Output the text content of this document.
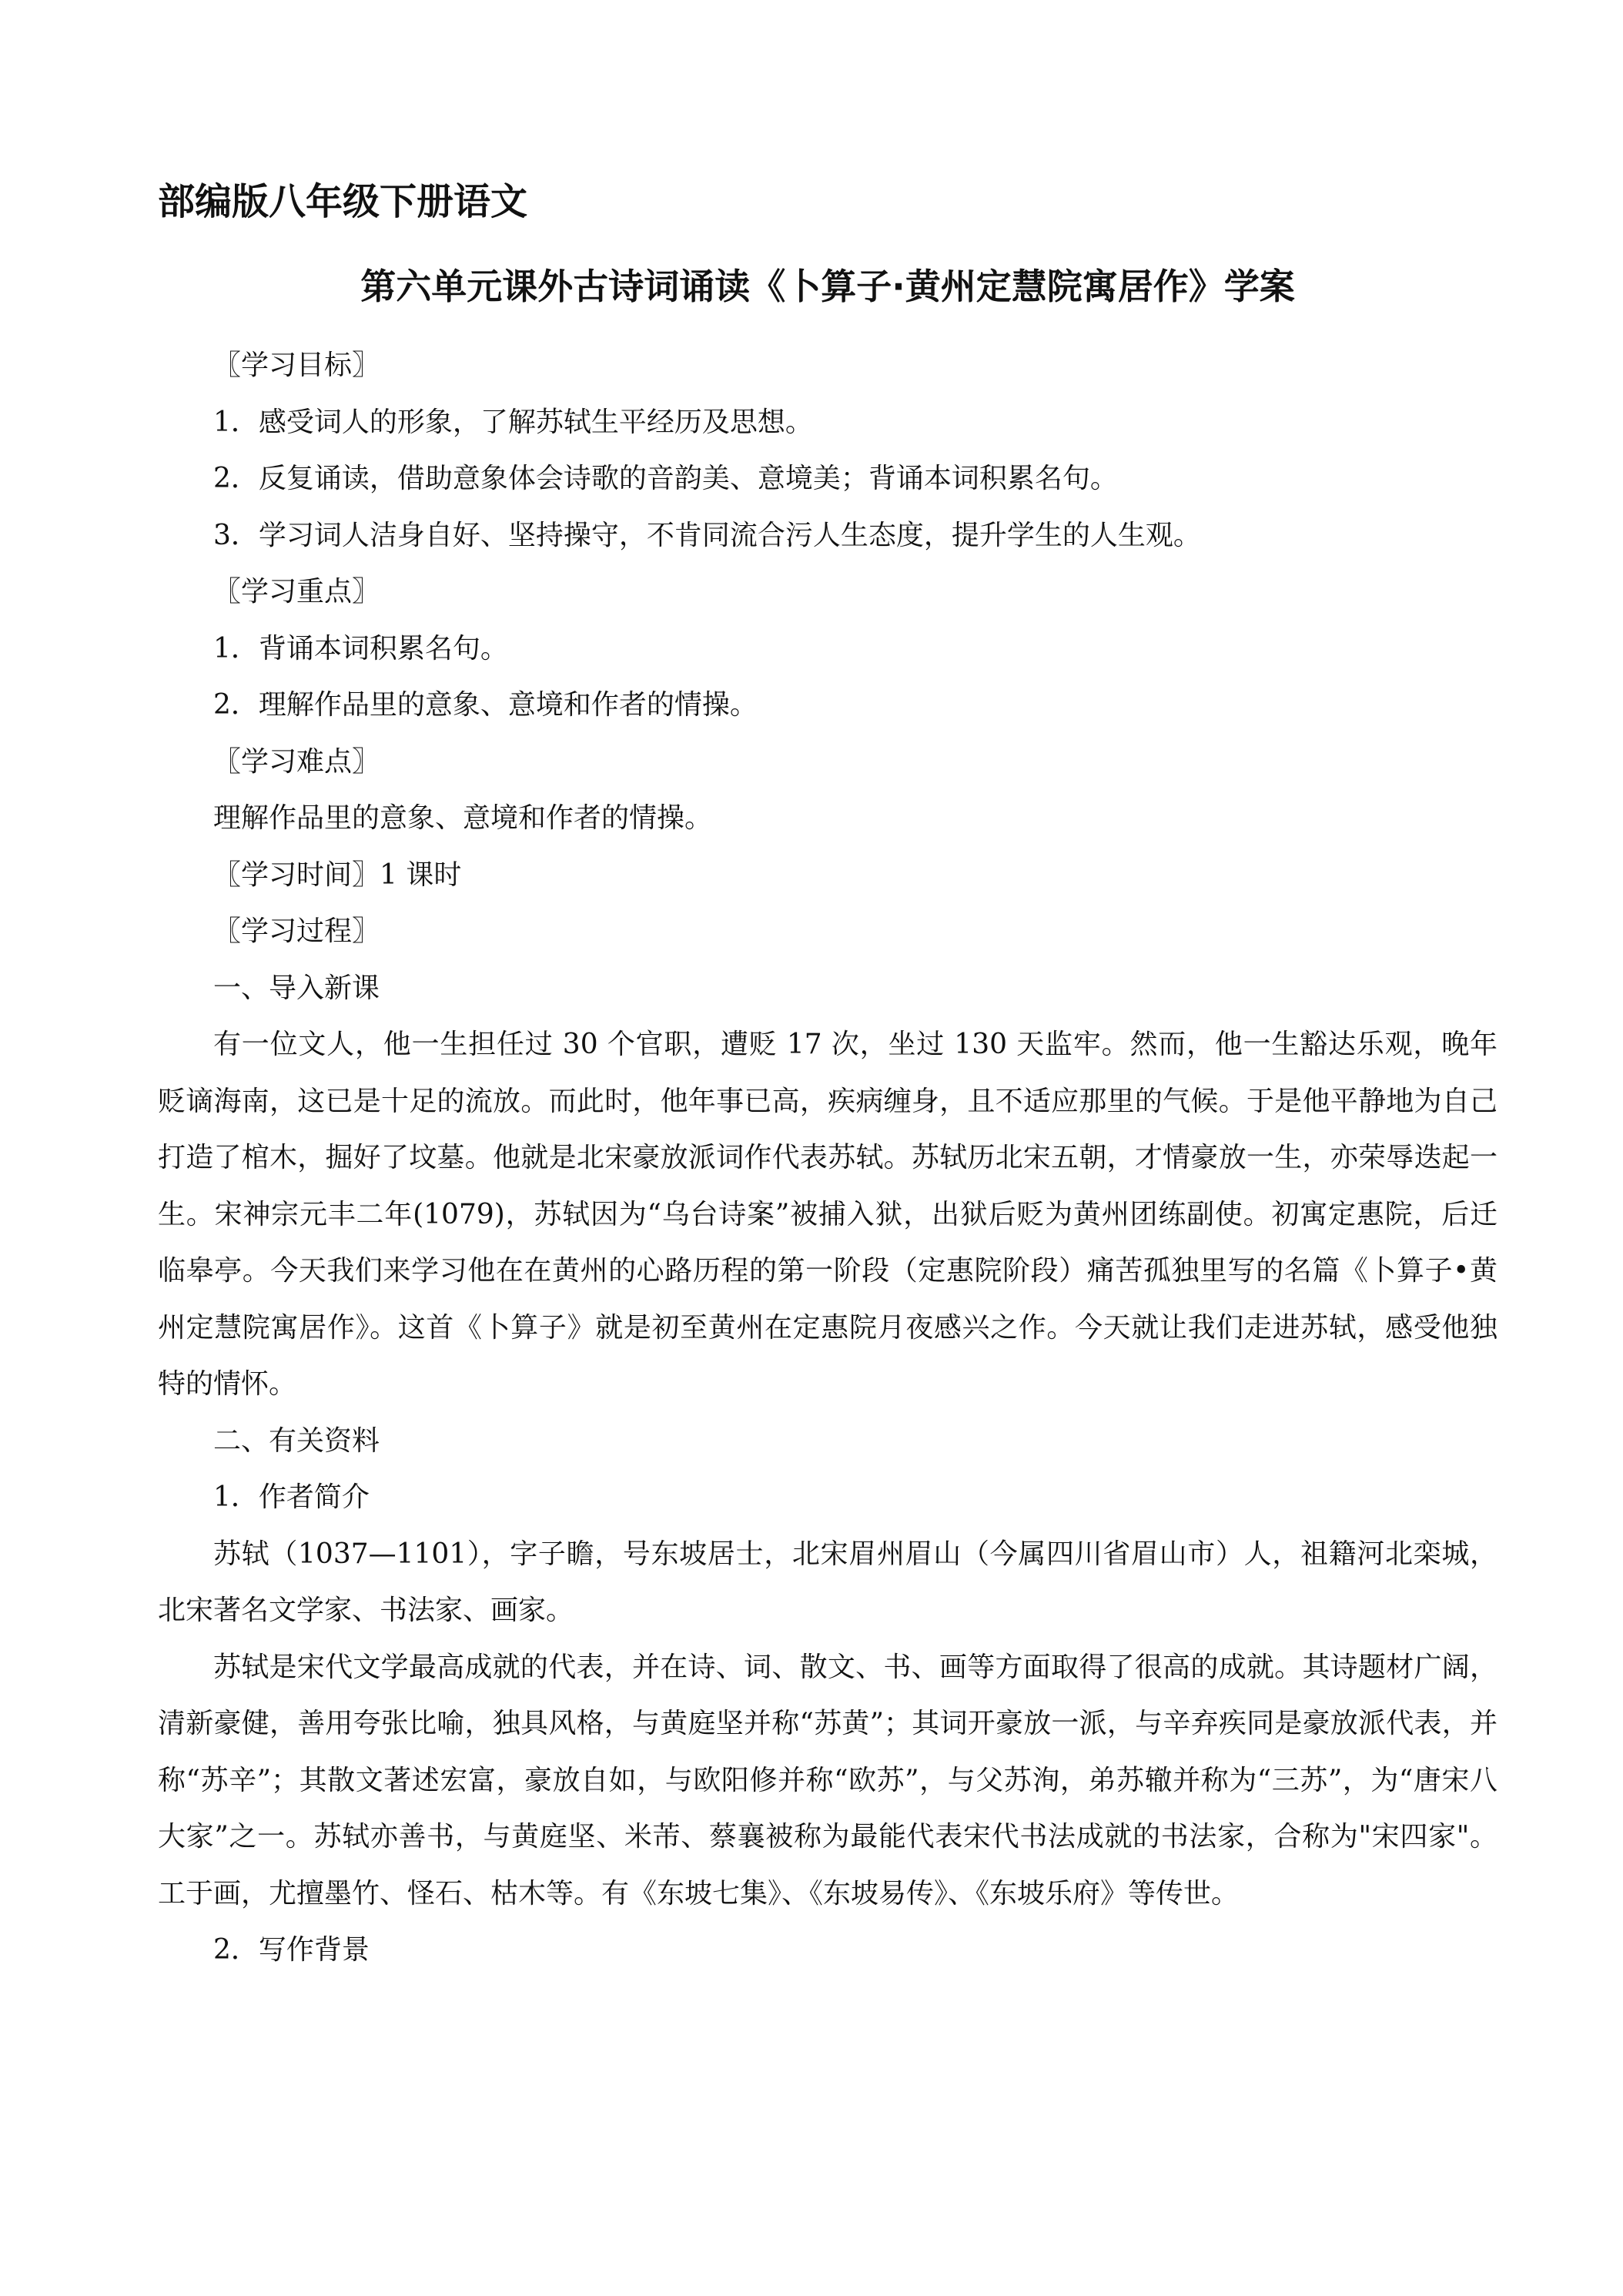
部编版八年级下册语文
第六单元课外古诗词诵读《卜算子·黄州定慧院寓居作》学案

〖学习目标〗

1．感受词人的形象，了解苏轼生平经历及思想。

2．反复诵读，借助意象体会诗歌的音韵美、意境美；背诵本词积累名句。

3．学习词人洁身自好、坚持操守，不肯同流合污人生态度，提升学生的人生观。

〖学习重点〗

1．背诵本词积累名句。

2．理解作品里的意象、意境和作者的情操。

〖学习难点〗

理解作品里的意象、意境和作者的情操。

〖学习时间〗1 课时

〖学习过程〗

一、导入新课

有一位文人，他一生担任过 30 个官职，遭贬 17 次，坐过 130 天监牢。然而，他一生豁达乐观，晚年贬谪海南，这已是十足的流放。而此时，他年事已高，疾病缠身，且不适应那里的气候。于是他平静地为自己打造了棺木，掘好了坟墓。他就是北宋豪放派词作代表苏轼。苏轼历北宋五朝，才情豪放一生，亦荣辱迭起一生。宋神宗元丰二年(1079)，苏轼因为“乌台诗案”被捕入狱，出狱后贬为黄州团练副使。初寓定惠院，后迁临皋亭。今天我们来学习他在在黄州的心路历程的第一阶段（定惠院阶段）痛苦孤独里写的名篇《卜算子•黄州定慧院寓居作》。这首《卜算子》就是初至黄州在定惠院月夜感兴之作。今天就让我们走进苏轼，感受他独特的情怀。

二、有关资料

1．作者简介

苏轼（1037—1101），字子瞻，号东坡居士，北宋眉州眉山（今属四川省眉山市）人，祖籍河北栾城，北宋著名文学家、书法家、画家。

苏轼是宋代文学最高成就的代表，并在诗、词、散文、书、画等方面取得了很高的成就。其诗题材广阔，清新豪健，善用夸张比喻，独具风格，与黄庭坚并称“苏黄”；其词开豪放一派，与辛弃疾同是豪放派代表，并称“苏辛”；其散文著述宏富，豪放自如，与欧阳修并称“欧苏”，与父苏洵，弟苏辙并称为“三苏”，为“唐宋八大家”之一。苏轼亦善书，与黄庭坚、米芾、蔡襄被称为最能代表宋代书法成就的书法家，合称为"宋四家"。工于画，尤擅墨竹、怪石、枯木等。有《东坡七集》、《东坡易传》、《东坡乐府》等传世。

2．写作背景
